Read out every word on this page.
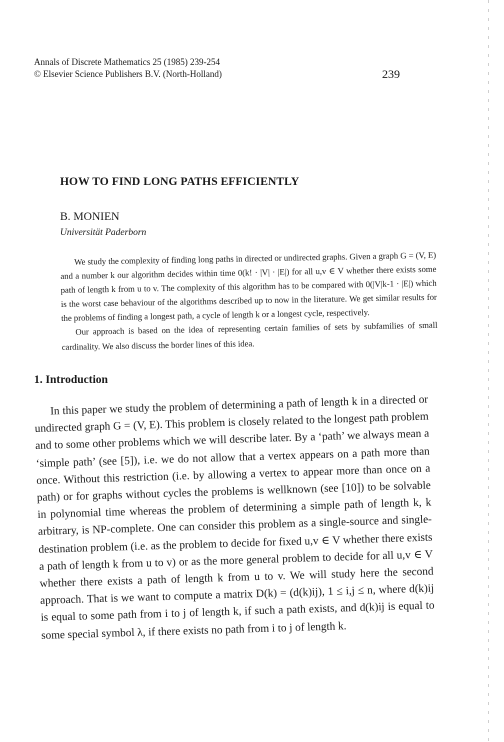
Annals of Discrete Mathematics 25 (1985) 239-254
© Elsevier Science Publishers B.V. (North-Holland)	239
HOW TO FIND LONG PATHS EFFICIENTLY
B. MONIEN
Universität Paderborn

We study the complexity of finding long paths in directed or undirected graphs. Given a graph G = (V, E) and a number k our algorithm decides within time 0(k! · |V| · |E|) for all u,v ∈ V whether there exists some path of length k from u to v. The complexity of this algorithm has to be compared with 0(|V|k-1 · |E|) which is the worst case behaviour of the algorithms described up to now in the literature. We get similar results for the problems of finding a longest path, a cycle of length k or a longest cycle, respectively.

Our approach is based on the idea of representing certain families of sets by subfamilies of small cardinality. We also discuss the border lines of this idea.

1. Introduction

In this paper we study the problem of determining a path of length k in a directed or undirected graph G = (V, E). This problem is closely related to the longest path problem and to some other problems which we will describe later. By a ‘path’ we always mean a ‘simple path’ (see [5]), i.e. we do not allow that a vertex appears on a path more than once. Without this restriction (i.e. by allowing a vertex to appear more than once on a path) or for graphs without cycles the problems is wellknown (see [10]) to be solvable in polynomial time whereas the problem of determining a simple path of length k, k arbitrary, is NP-complete. One can consider this problem as a single-source and single-destination problem (i.e. as the problem to decide for fixed u,v ∈ V whether there exists a path of length k from u to v) or as the more general problem to decide for all u,v ∈ V whether there exists a path of length k from u to v. We will study here the second approach. That is we want to compute a matrix D(k) = (d(k)ij), 1 ≤ i,j ≤ n, where d(k)ij is equal to some path from i to j of length k, if such a path exists, and d(k)ij is equal to some special symbol λ, if there exists no path from i to j of length k.
